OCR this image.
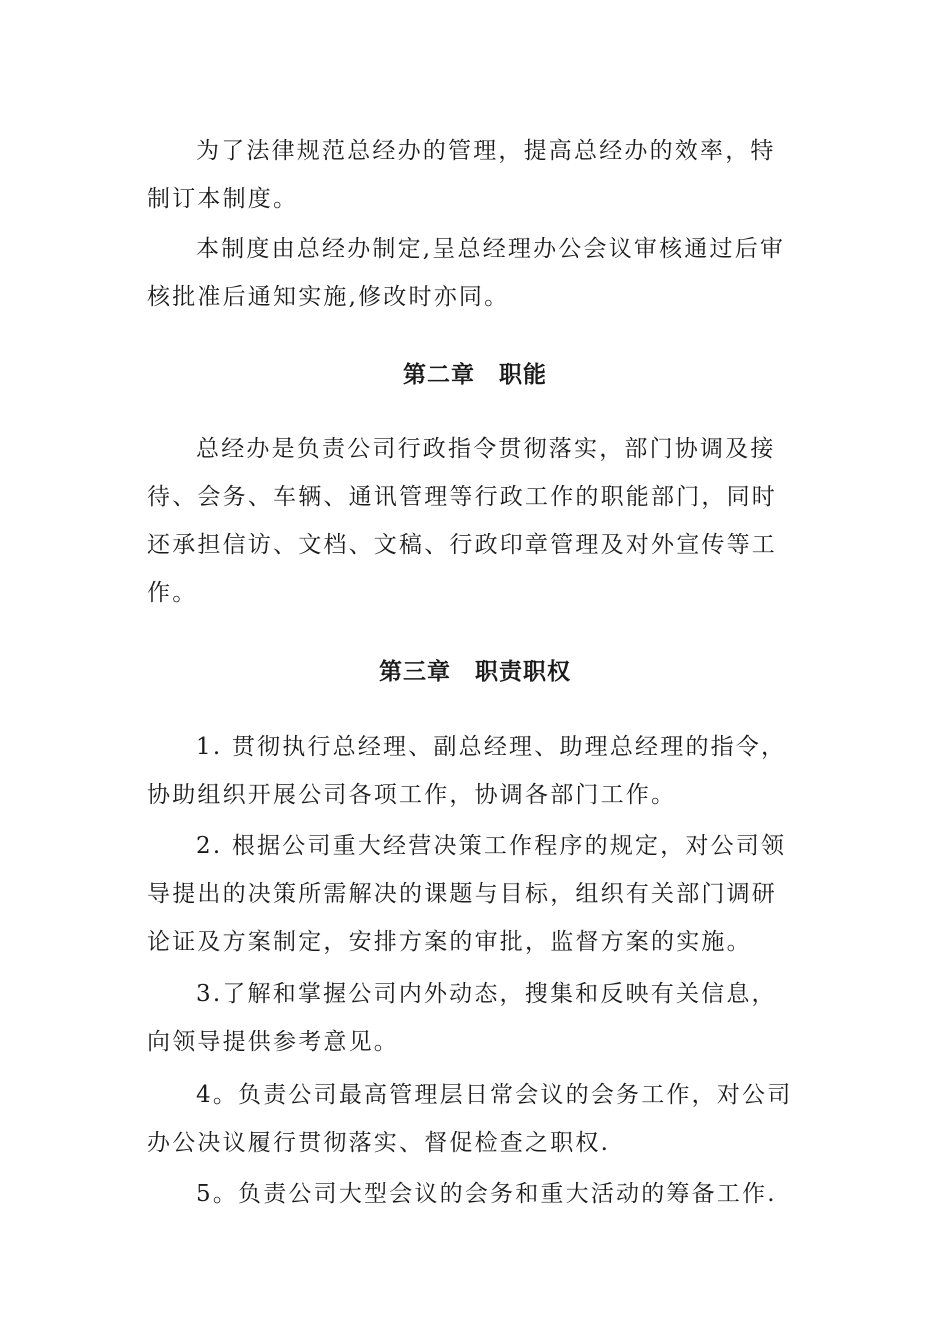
为了法律规范总经办的管理，提高总经办的效率，特
制订本制度。
本制度由总经办制定,呈总经理办公会议审核通过后审
核批准后通知实施,修改时亦同。
第二章　职能
总经办是负责公司行政指令贯彻落实，部门协调及接
待、会务、车辆、通讯管理等行政工作的职能部门，同时
还承担信访、文档、文稿、行政印章管理及对外宣传等工
作。
第三章　职责职权
1. 贯彻执行总经理、副总经理、助理总经理的指令，
协助组织开展公司各项工作，协调各部门工作。
2. 根据公司重大经营决策工作程序的规定，对公司领
导提出的决策所需解决的课题与目标，组织有关部门调研
论证及方案制定，安排方案的审批，监督方案的实施。
3.了解和掌握公司内外动态，搜集和反映有关信息，
向领导提供参考意见。
4。负责公司最高管理层日常会议的会务工作，对公司
办公决议履行贯彻落实、督促检查之职权.
5。负责公司大型会议的会务和重大活动的筹备工作.
